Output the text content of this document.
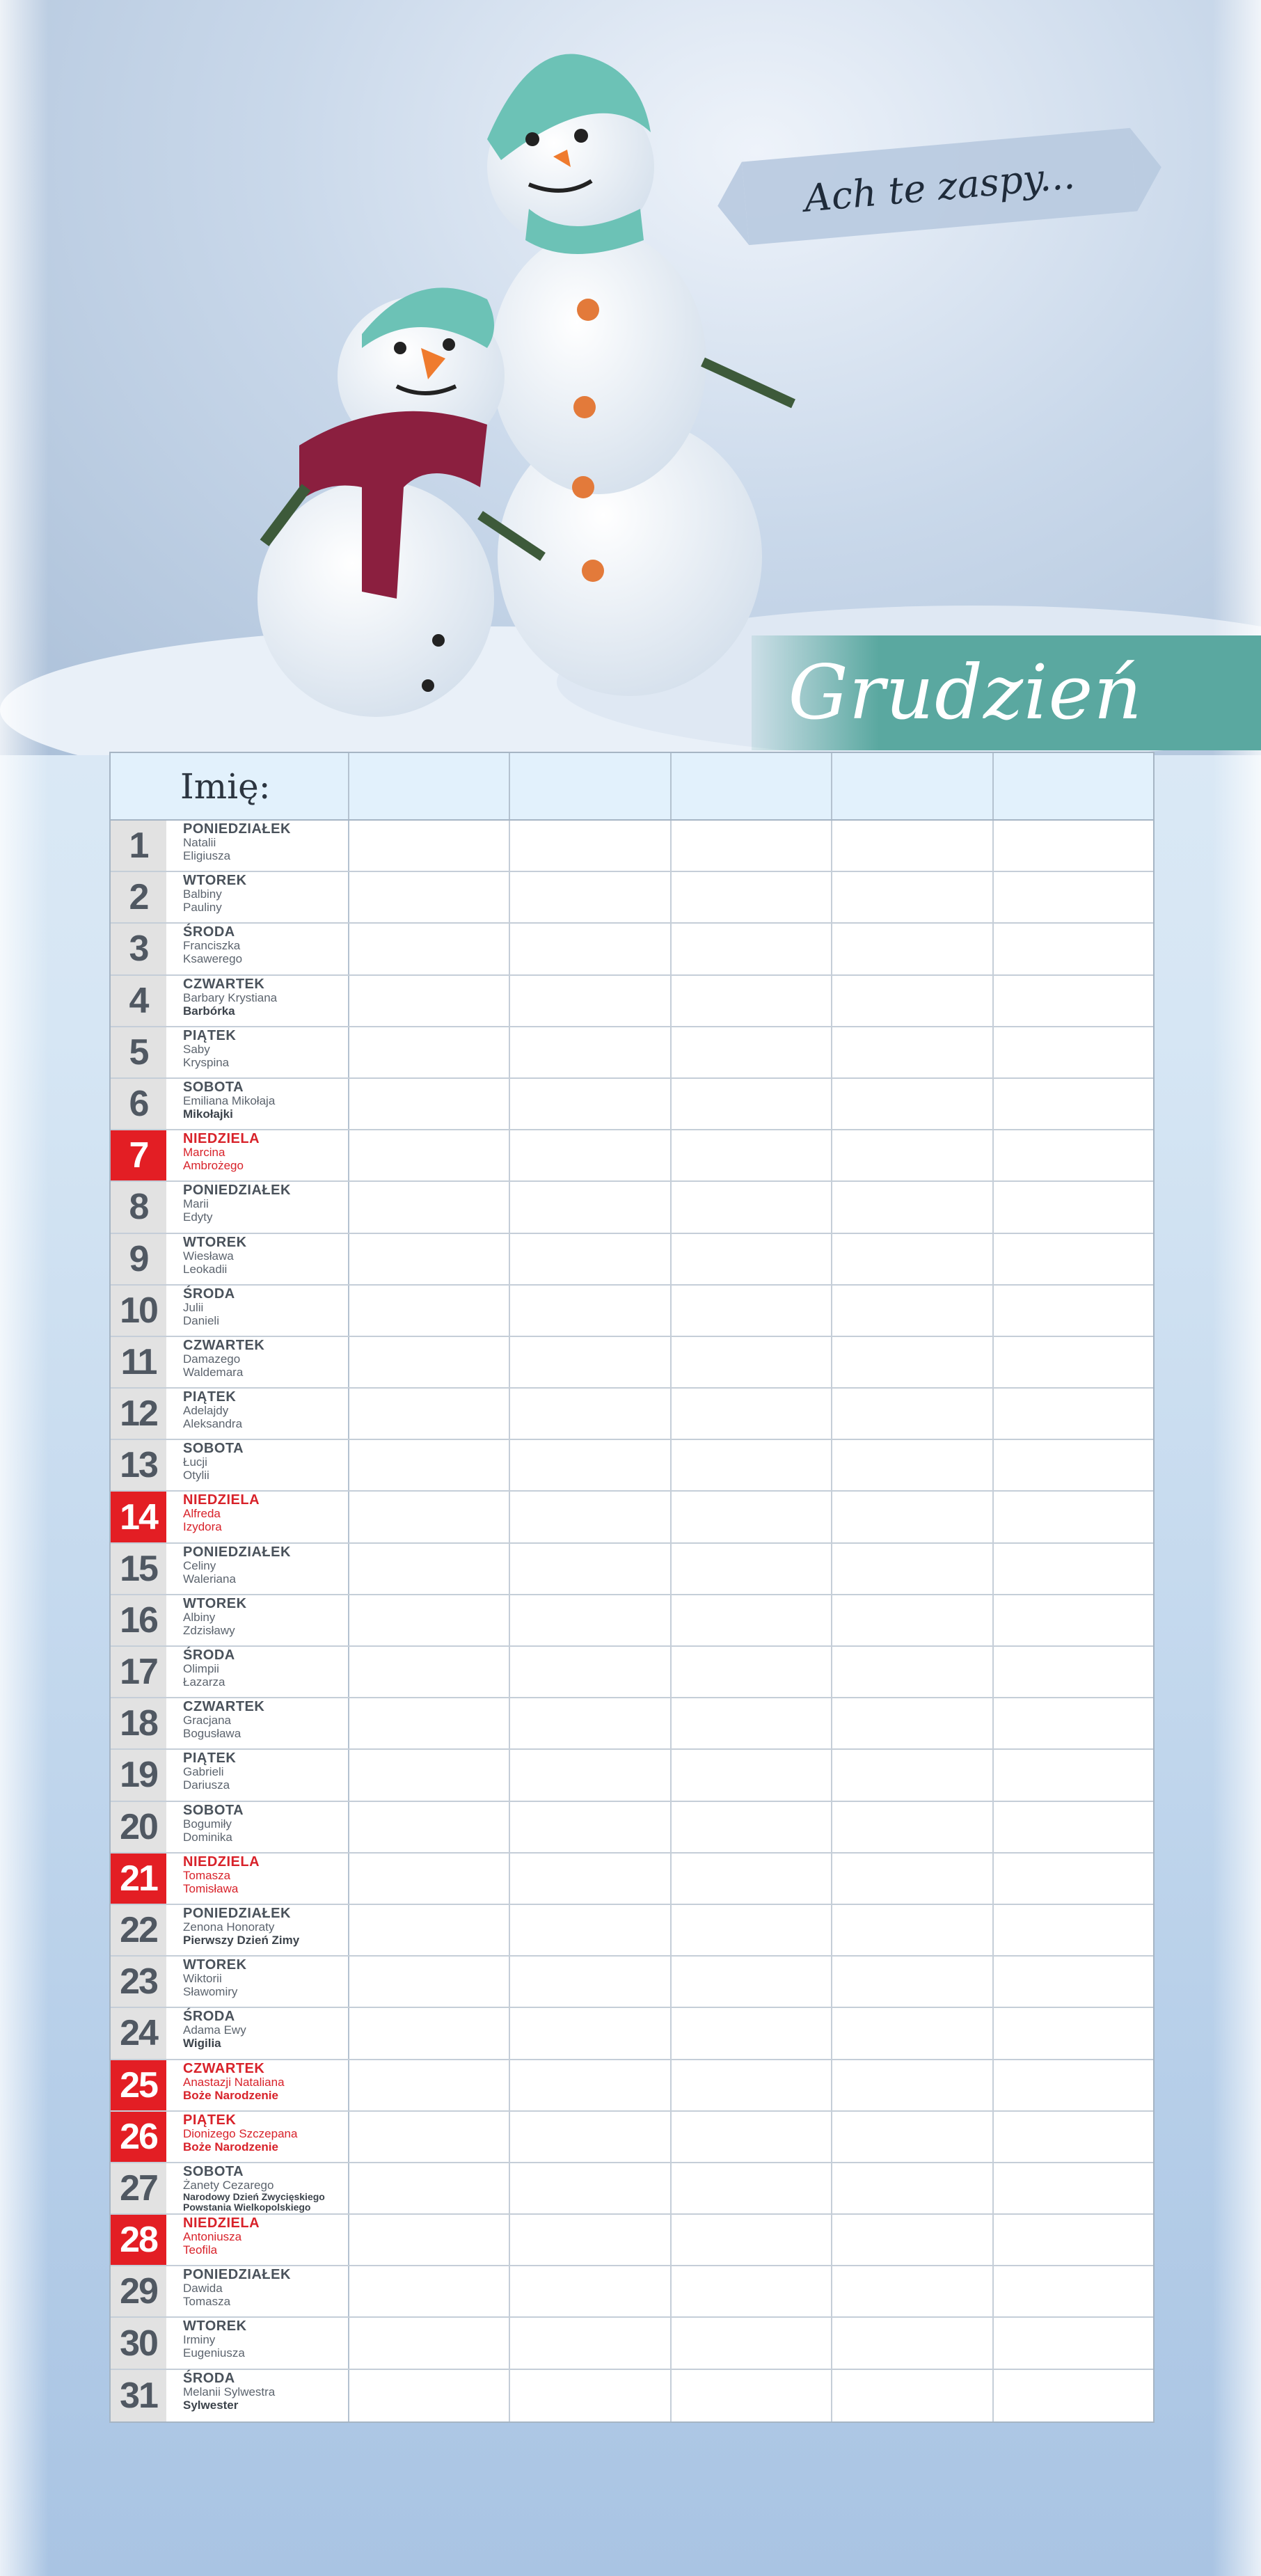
Ach te zaspy...
Grudzień
Imię:
1	PONIEDZIAŁEK
Natalii
Eligiusza
2	WTOREK
Balbiny
Pauliny
3	ŚRODA
Franciszka
Ksawerego
4	CZWARTEK
Barbary Krystiana
Barbórka
5	PIĄTEK
Saby
Kryspina
6	SOBOTA
Emiliana Mikołaja
Mikołajki
7	NIEDZIELA
Marcina
Ambrożego
8	PONIEDZIAŁEK
Marii
Edyty
9	WTOREK
Wiesława
Leokadii
10	ŚRODA
Julii
Danieli
11	CZWARTEK
Damazego
Waldemara
12	PIĄTEK
Adelajdy
Aleksandra
13	SOBOTA
Łucji
Otylii
14	NIEDZIELA
Alfreda
Izydora
15	PONIEDZIAŁEK
Celiny
Waleriana
16	WTOREK
Albiny
Zdzisławy
17	ŚRODA
Olimpii
Łazarza
18	CZWARTEK
Gracjana
Bogusława
19	PIĄTEK
Gabrieli
Dariusza
20	SOBOTA
Bogumiły
Dominika
21	NIEDZIELA
Tomasza
Tomisława
22	PONIEDZIAŁEK
Zenona Honoraty
Pierwszy Dzień Zimy
23	WTOREK
Wiktorii
Sławomiry
24	ŚRODA
Adama Ewy
Wigilia
25	CZWARTEK
Anastazji Nataliana
Boże Narodzenie
26	PIĄTEK
Dionizego Szczepana
Boże Narodzenie
27	SOBOTA
Żanety Cezarego
Narodowy Dzień Zwycięskiego
Powstania Wielkopolskiego
28	NIEDZIELA
Antoniusza
Teofila
29	PONIEDZIAŁEK
Dawida
Tomasza
30	WTOREK
Irminy
Eugeniusza
31	ŚRODA
Melanii Sylwestra
Sylwester
